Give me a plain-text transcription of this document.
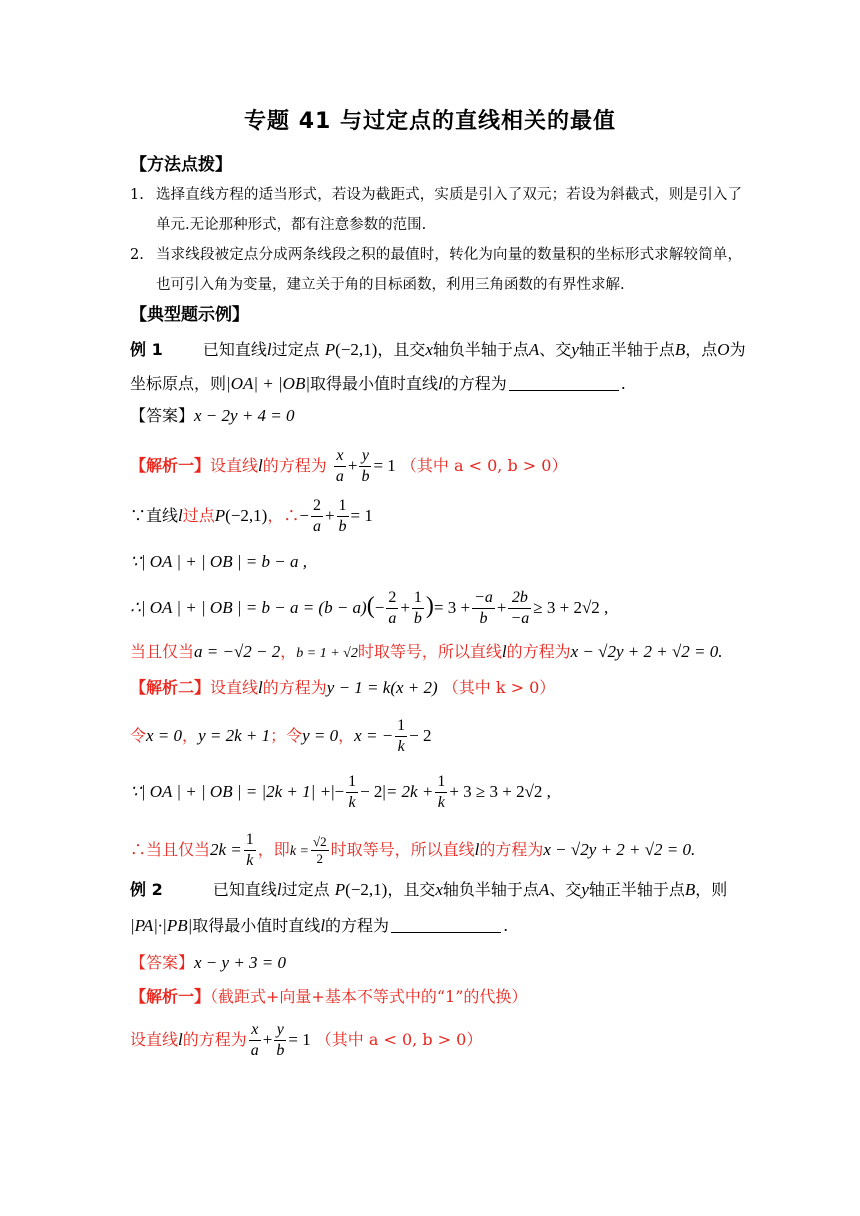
专题 41 与过定点的直线相关的最值
【方法点拨】
1. 选择直线方程的适当形式，若设为截距式，实质是引入了双元；若设为斜截式，则是引入了单元.无论那种形式，都有注意参数的范围.
2. 当求线段被定点分成两条线段之积的最值时，转化为向量的数量积的坐标形式求解较简单，也可引入角为变量，建立关于角的目标函数，利用三角函数的有界性求解.
【典型题示例】
例 1	已知直线l过定点 P(−2,1)，且交x轴负半轴于点A、交y轴正半轴于点B，点O为
坐标原点，则|OA| + |OB|取得最小值时直线l的方程为	.
【答案】x − 2y + 4 = 0
【解析一】设直线l的方程为 $\frac{x}{a} + \frac{y}{b} = 1$ （其中 a < 0, b > 0）
∵直线l过点P(−2,1)，∴− $\frac{2}{a} + \frac{1}{b} = 1$
∵| OA | + | OB | = b − a ,
∴| OA | + | OB | = $b - a = (b - a)(- \frac{2}{a} + \frac{1}{b}$ )= $3 + \frac{-a}{b} + \frac{2b}{-a} \ge 3 + 2√2$ ,
当且仅当a = −√2 − 2，b = 1 + √2时取等号，所以直线l的方程为x − √2y + 2 + √2 = 0.
【解析二】设直线l的方程为y − 1 = k(x + 2) （其中 k > 0）
令x = 0，y = 2k + 1；令y = 0，x = − $\frac{1}{k} - 2$
∵| OA | + | OB | = |2k + 1| +|− $\frac{1}{k} - 2|= 2k + \frac{1}{k} + 3 \ge 3 + 2√2$ ,
∴当且仅当$2k = \frac{1}{k}$ ，即$k = \frac{√2}{2}$ 时取等号，所以直线l的方程为x − √2y + 2 + √2 = 0.
例 2	已知直线l过定点 P(−2,1)，且交x轴负半轴于点A、交y轴正半轴于点B，则
|PA|·|PB|取得最小值时直线l的方程为	.
【答案】x − y + 3 = 0
【解析一】（截距式+向量+基本不等式中的“1”的代换）
设直线l的方程为 $\frac{x}{a} + \frac{y}{b} = 1$ （其中 a < 0, b > 0）
